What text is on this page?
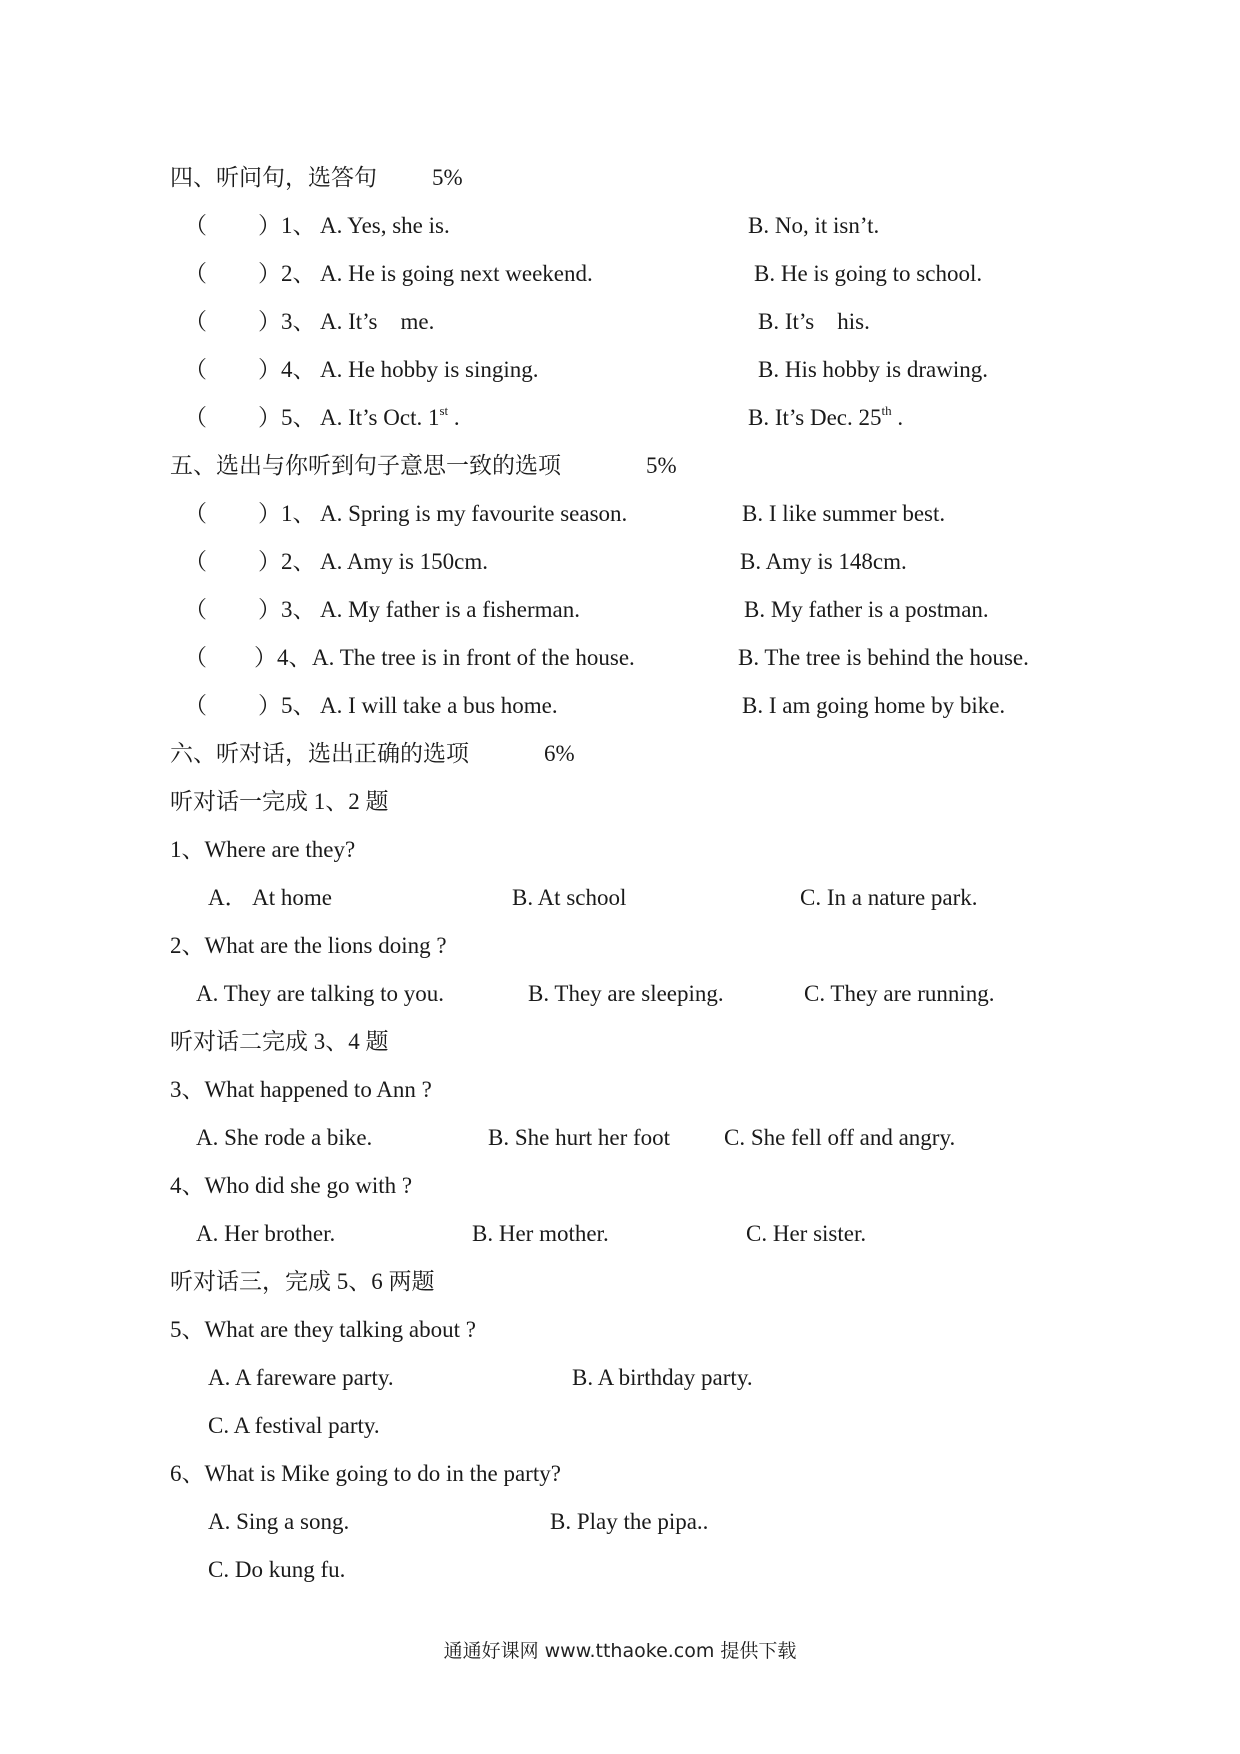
四、听问句，选答句 5%
（ ）1、 A. Yes, she is.	B. No, it isn’t.
（ ）2、 A. He is going next weekend.	B. He is going to school.
（ ）3、 A. It’s    me.	B. It’s    his.
（ ）4、 A. He hobby is singing.	B. His hobby is drawing.
（ ）5、 A. It’s Oct. 1st .	B. It’s Dec. 25th .
五、选出与你听到句子意思一致的选项	5%
（ ）1、 A. Spring is my favourite season.	B. I like summer best.
（ ）2、 A. Amy is 150cm.	B. Amy is 148cm.
（ ）3、 A. My father is a fisherman.	B. My father is a postman.
（ ）4、 A. The tree is in front of the house.	B. The tree is behind the house.
（ ）5、 A. I will take a bus home.	B. I am going home by bike.
六、听对话，选出正确的选项	6%
听对话一完成 1、2 题
1、Where are they?
A． At home	B. At school	C. In a nature park.
2、What are the lions doing ?
A. They are talking to you.	B. They are sleeping.	C. They are running.
听对话二完成 3、4 题
3、What happened to Ann ?
A. She rode a bike.	B. She hurt her foot C. She fell off and angry.
4、Who did she go with ?
A. Her brother.	B. Her mother.	C. Her sister.
听对话三，完成 5、6 两题
5、What are they talking about ?
A. A fareware party.	B. A birthday party.
C. A festival party.
6、What is Mike going to do in the party?
A. Sing a song.	B. Play the pipa..
C. Do kung fu.
通通好课网 www.tthaoke.com 提供下载
